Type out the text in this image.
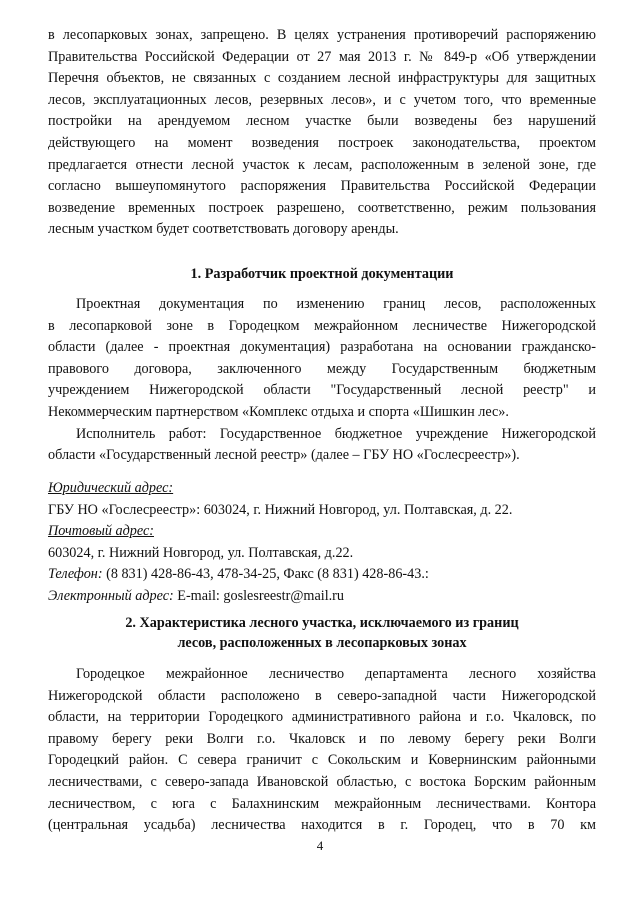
в лесопарковых зонах, запрещено. В целях устранения противоречий распоряжению
Правительства Российской Федерации от 27 мая 2013 г. № 849-р «Об утверждении
Перечня объектов, не связанных с созданием лесной инфраструктуры для защитных
лесов, эксплуатационных лесов, резервных лесов», и с учетом того, что временные
постройки на арендуемом лесном участке были возведены без нарушений
действующего на момент возведения построек законодательства, проектом
предлагается отнести лесной участок к лесам, расположенным в зеленой зоне, где
согласно вышеупомянутого распоряжения Правительства Российской Федерации
возведение временных построек разрешено, соответственно, режим пользования
лесным участком будет соответствовать договору аренды.
1. Разработчик проектной документации
Проектная документация по изменению границ лесов, расположенных
в лесопарковой зоне в Городецком межрайонном лесничестве Нижегородской
области (далее - проектная документация) разработана на основании гражданско-
правового договора, заключенного между Государственным бюджетным
учреждением Нижегородской области "Государственный лесной реестр" и
Некоммерческим партнерством «Комплекс отдыха и спорта «Шишкин лес».
Исполнитель работ: Государственное бюджетное учреждение Нижегородской
области «Государственный лесной реестр» (далее – ГБУ НО «Гослесреестр»).
Юридический адрес:
ГБУ НО «Гослесреестр»: 603024, г. Нижний Новгород, ул. Полтавская, д. 22.
Почтовый адрес:
603024, г. Нижний Новгород, ул. Полтавская, д.22.
Телефон: (8 831) 428-86-43, 478-34-25, Факс (8 831) 428-86-43.:
Электронный адрес: E-mail: goslesreestr@mail.ru
2. Характеристика лесного участка, исключаемого из границ
лесов, расположенных в лесопарковых зонах
Городецкое межрайонное лесничество департамента лесного хозяйства
Нижегородской области расположено в северо-западной части Нижегородской
области, на территории Городецкого административного района и г.о. Чкаловск, по
правому берегу реки Волги г.о. Чкаловск и по левому берегу реки Волги
Городецкий район. С севера граничит с Сокольским и Ковернинским районными
лесничествами, с северо-запада Ивановской областью, с востока Борским районным
лесничеством, с юга с Балахнинским межрайонным лесничествами. Контора
(центральная усадьба) лесничества находится в г. Городец, что в 70 км
4
